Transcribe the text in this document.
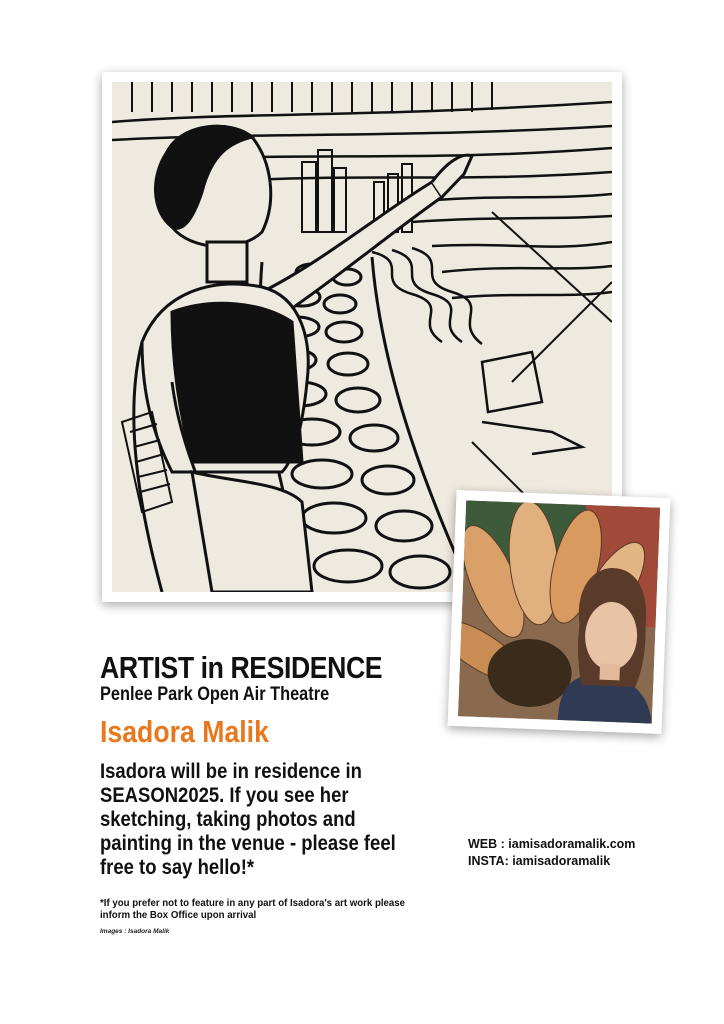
ARTIST in RESIDENCE
Penlee Park Open Air Theatre
Isadora Malik

Isadora will be in residence in SEASON2025. If you see her sketching, taking photos and painting in the venue - please feel free to say hello!*

WEB : iamisadoramalik.com
INSTA: iamisadoramalik

*If you prefer not to feature in any part of Isadora's art work please inform the Box Office upon arrival

Images : Isadora Malik
